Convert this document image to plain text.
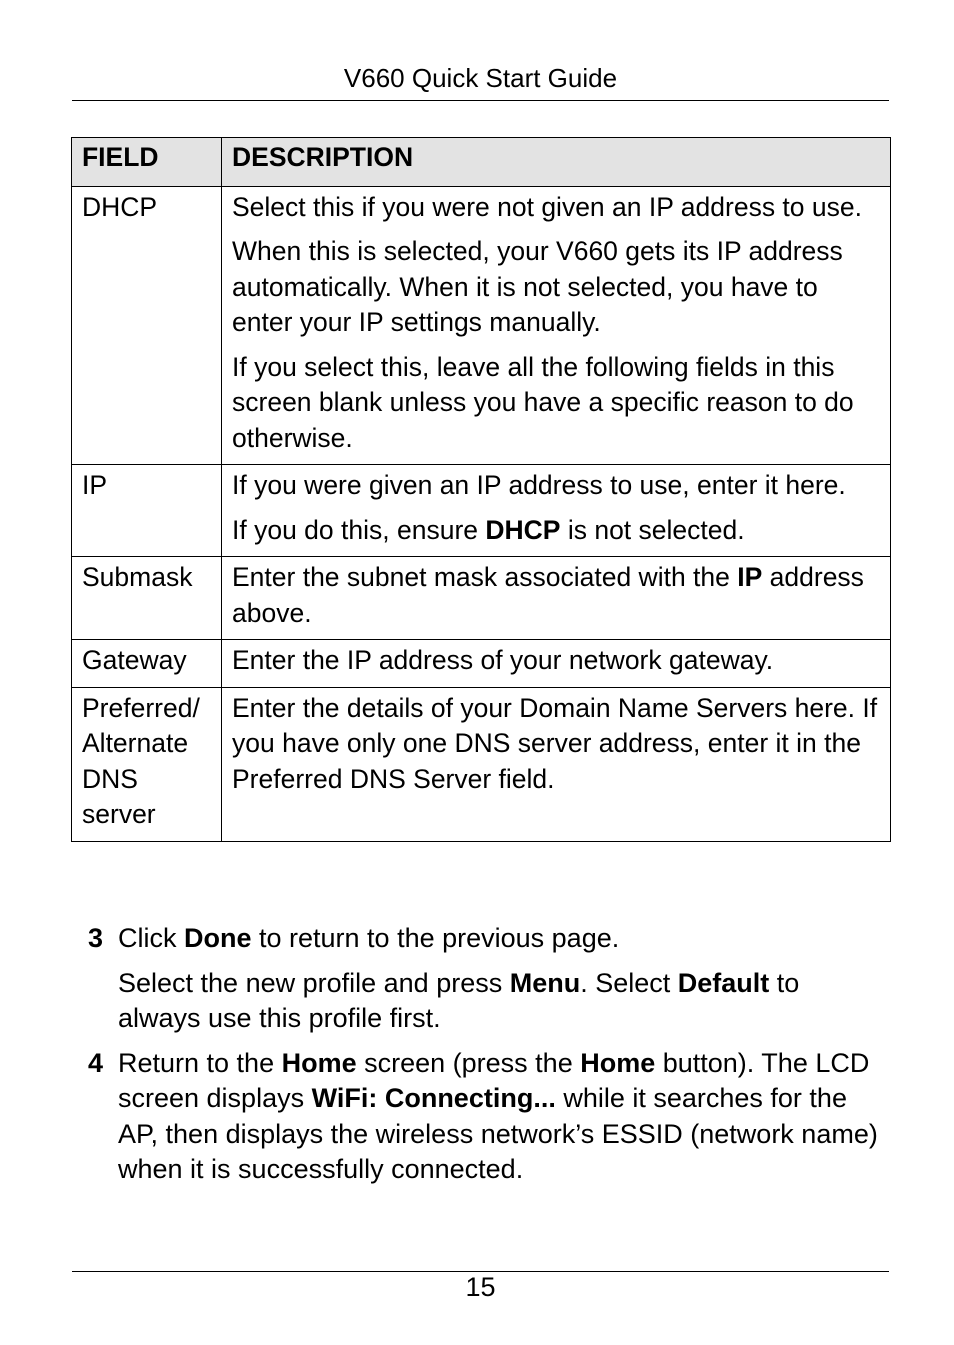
V660 Quick Start Guide
FIELD	DESCRIPTION
DHCP	Select this if you were not given an IP address to use.

When this is selected, your V660 gets its IP address automatically. When it is not selected, you have to enter your IP settings manually.

If you select this, leave all the following fields in this screen blank unless you have a specific reason to do otherwise.

IP	If you were given an IP address to use, enter it here.

If you do this, ensure DHCP is not selected.

Submask	Enter the subnet mask associated with the IP address above.

Gateway	Enter the IP address of your network gateway.

Preferred/ Alternate DNS server	Enter the details of your Domain Name Servers here. If you have only one DNS server address, enter it in the Preferred DNS Server field.

3 Click Done to return to the previous page.

Select the new profile and press Menu. Select Default to always use this profile first.

4 Return to the Home screen (press the Home button). The LCD screen displays WiFi: Connecting... while it searches for the AP, then displays the wireless network’s ESSID (network name) when it is successfully connected.

15
